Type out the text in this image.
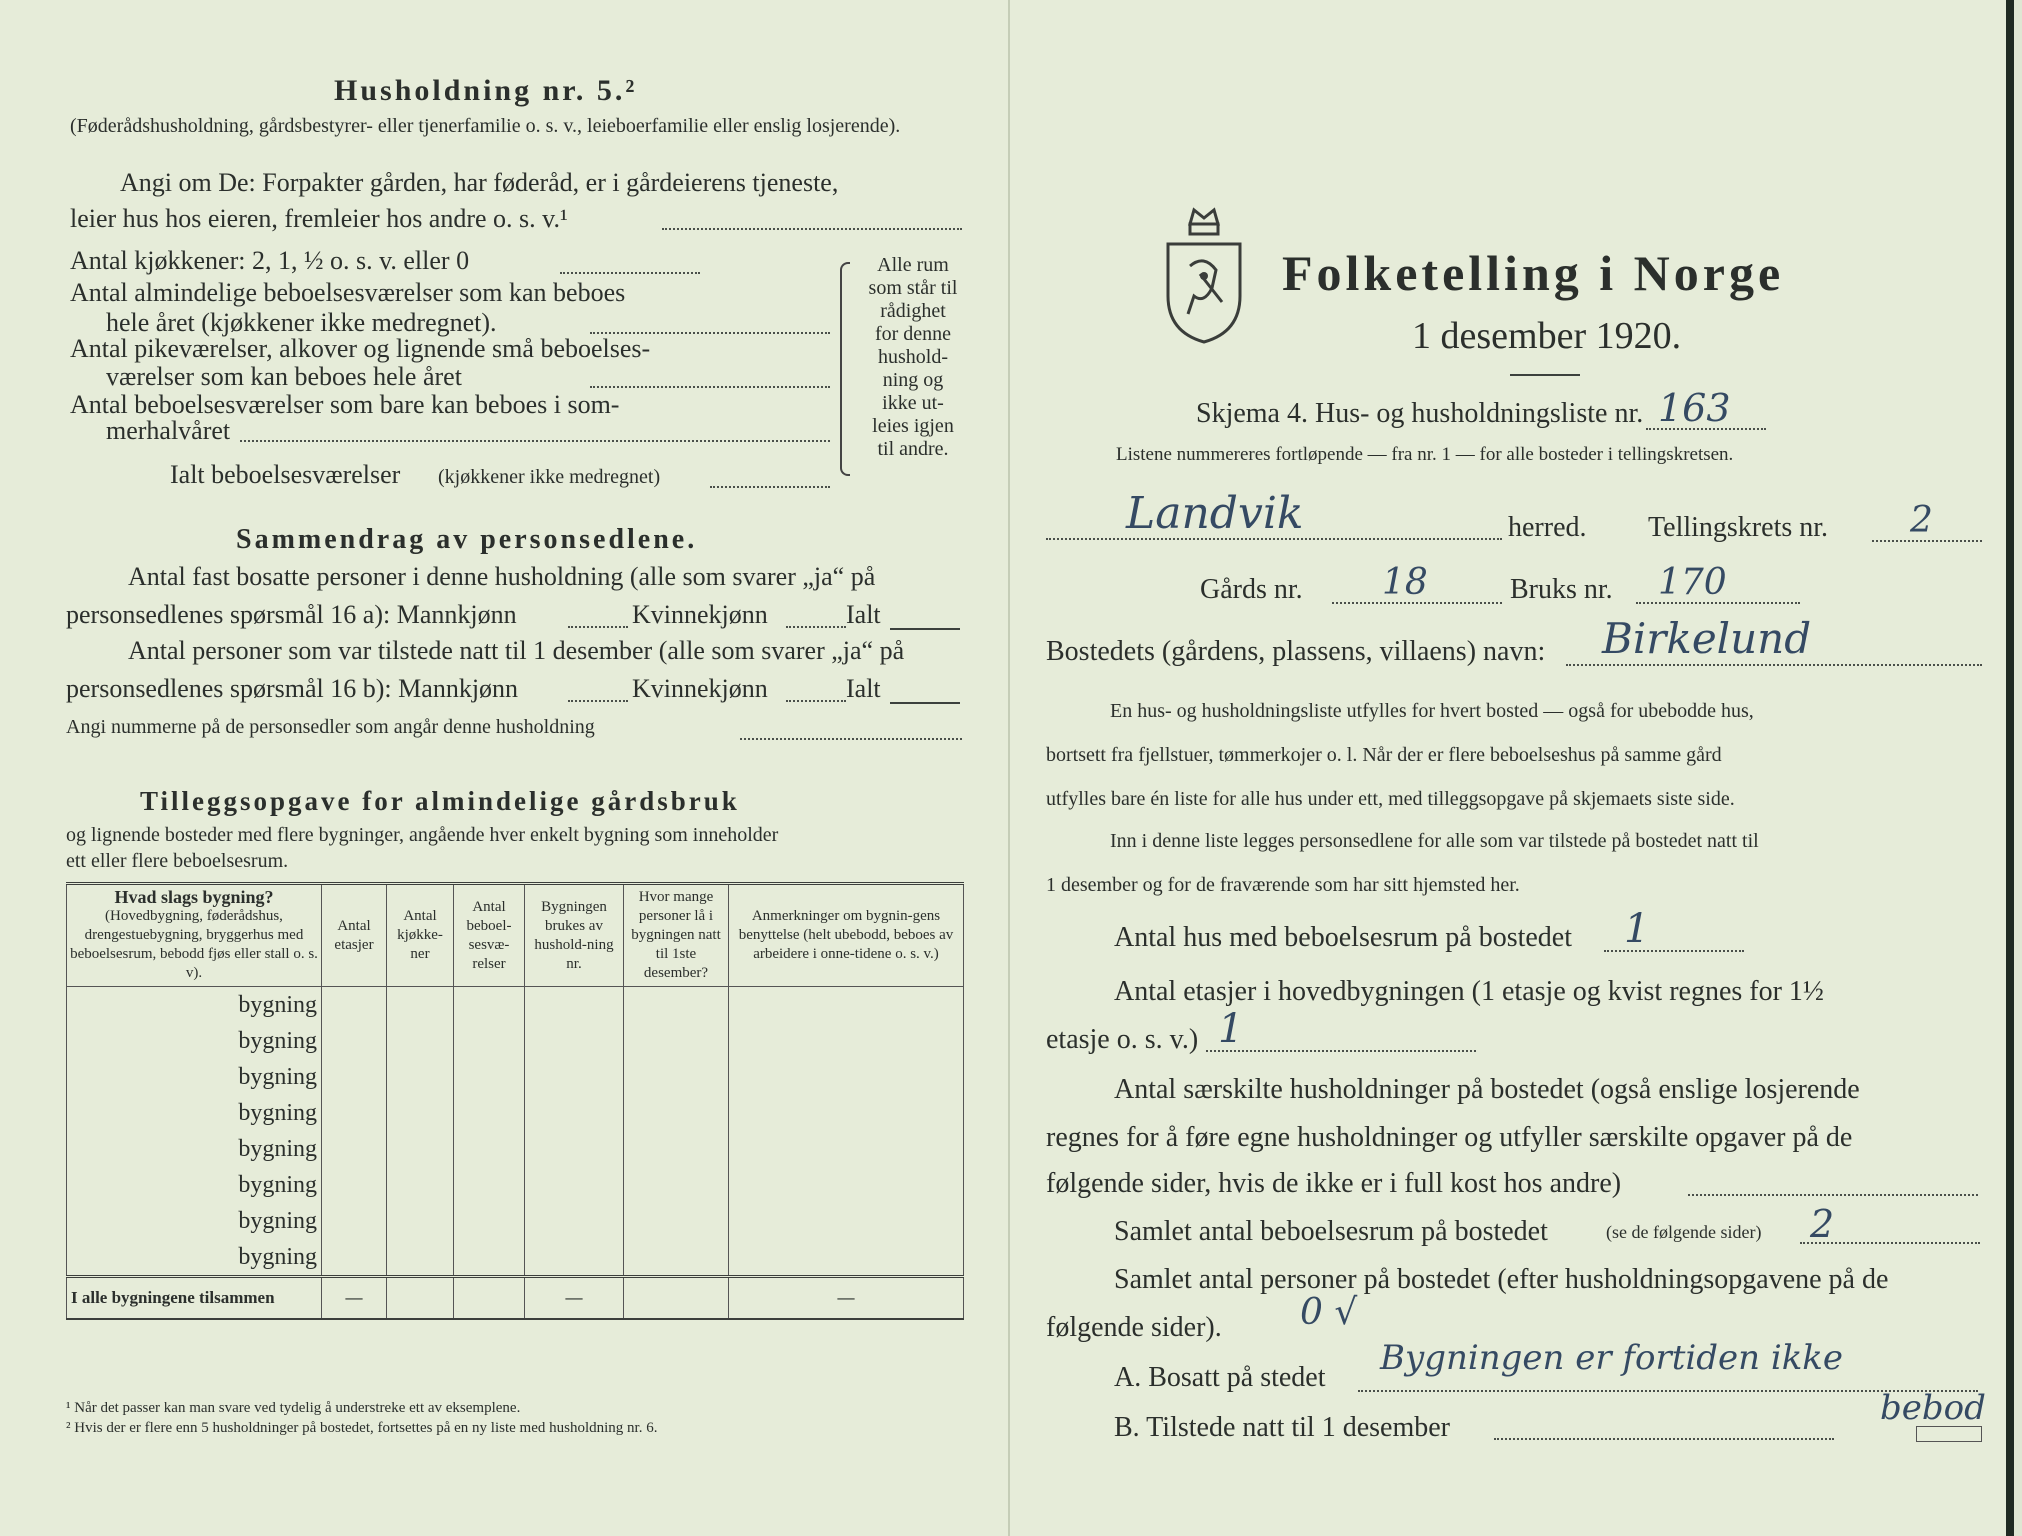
Husholdning nr. 5.²
(Føderådshusholdning, gårdsbestyrer- eller tjenerfamilie o. s. v., leieboerfamilie eller enslig losjerende).
Angi om De: Forpakter gården, har føderåd, er i gårdeierens tjeneste,
leier hus hos eieren, fremleier hos andre o. s. v.¹
Antal kjøkkener: 2, 1, ½ o. s. v. eller 0
Antal almindelige beboelsesværelser som kan beboes
hele året (kjøkkener ikke medregnet).
Antal pikeværelser, alkover og lignende små beboelses-
værelser som kan beboes hele året
Antal beboelsesværelser som bare kan beboes i som-
merhalvåret
Alle rum
som står til
rådighet
for denne
hushold-
ning og
ikke ut-
leies igjen
til andre.
Ialt beboelsesværelser (kjøkkener ikke medregnet)
Sammendrag av personsedlene.
Antal fast bosatte personer i denne husholdning (alle som svarer „ja“ på
personsedlenes spørsmål 16 a): Mannkjønn	Kvinnekjønn	Ialt
Antal personer som var tilstede natt til 1 desember (alle som svarer „ja“ på
personsedlenes spørsmål 16 b): Mannkjønn	Kvinnekjønn	Ialt
Angi nummerne på de personsedler som angår denne husholdning
Tilleggsopgave for almindelige gårdsbruk
og lignende bosteder med flere bygninger, angående hver enkelt bygning som inneholder
ett eller flere beboelsesrum.
Hvad slags bygning?
(Hovedbygning, føderådshus, drengestuebygning, bryggerhus med beboelsesrum, bebodd fjøs eller stall o. s. v).	Antal etasjer	Antal kjøkke-ner	Antal beboel-sesvæ-relser	Bygningen brukes av hushold-ning nr.	Hvor mange personer lå i bygningen natt til 1ste desember?	Anmerkninger om bygnin-gens benyttelse (helt ubebodd, beboes av arbeidere i onne-tidene o. s. v.)
bygning						
bygning						
bygning						
bygning						
bygning						
bygning						
bygning						
bygning						
I alle bygningene tilsammen	—			—		—
¹ Når det passer kan man svare ved tydelig å understreke ett av eksemplene.
² Hvis der er flere enn 5 husholdninger på bostedet, fortsettes på en ny liste med husholdning nr. 6.
Folketelling i Norge
1 desember 1920.
Skjema 4. Hus- og husholdningsliste nr. 163
Listene nummereres fortløpende — fra nr. 1 — for alle bosteder i tellingskretsen.
Landvik	herred. Tellingskrets nr. 2
Gårds nr. 18	Bruks nr. 170
Bostedets (gårdens, plassens, villaens) navn: Birkelund
En hus- og husholdningsliste utfylles for hvert bosted — også for ubebodde hus,
bortsett fra fjellstuer, tømmerkojer o. l. Når der er flere beboelseshus på samme gård
utfylles bare én liste for alle hus under ett, med tilleggsopgave på skjemaets siste side.
Inn i denne liste legges personsedlene for alle som var tilstede på bostedet natt til
1 desember og for de fraværende som har sitt hjemsted her.
Antal hus med beboelsesrum på bostedet 1
Antal etasjer i hovedbygningen (1 etasje og kvist regnes for 1½
etasje o. s. v.) 1
Antal særskilte husholdninger på bostedet (også enslige losjerende
regnes for å føre egne husholdninger og utfyller særskilte opgaver på de
følgende sider, hvis de ikke er i full kost hos andre)
Samlet antal beboelsesrum på bostedet	(se de følgende sider) 2
Samlet antal personer på bostedet (efter husholdningsopgavene på de
følgende sider). 0 √
A. Bosatt på stedet Bygningen er fortiden ikke
bebod
B. Tilstede natt til 1 desember
